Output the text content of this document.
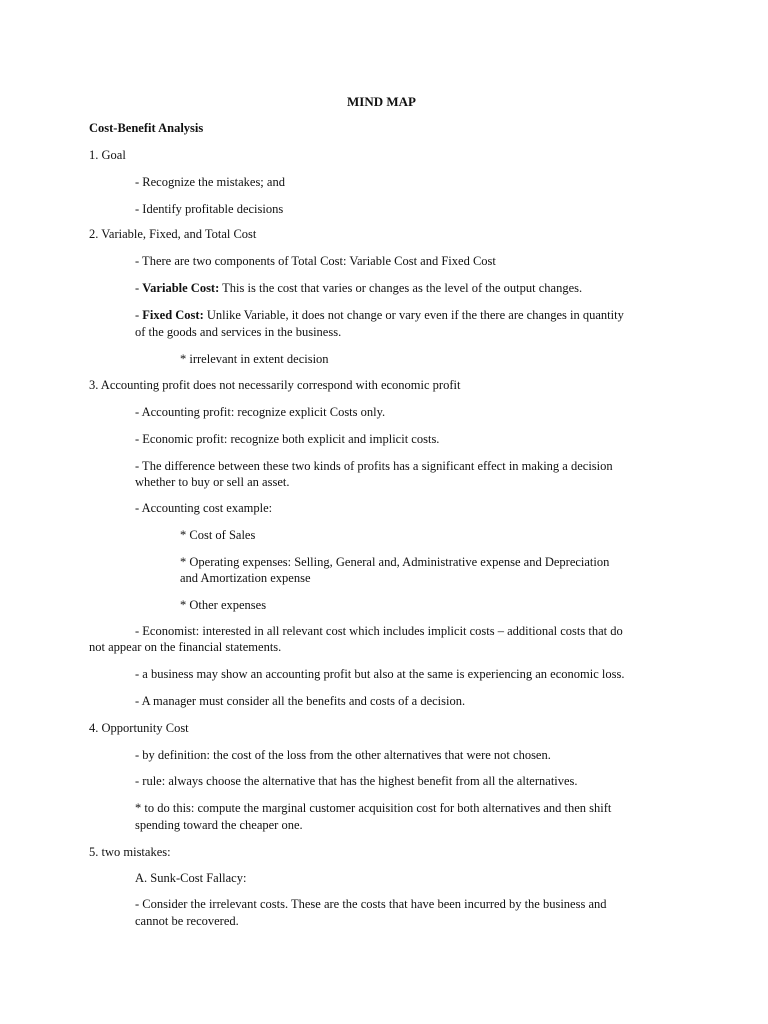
MIND MAP
Cost-Benefit Analysis
1. Goal
- Recognize the mistakes; and
- Identify profitable decisions
2. Variable, Fixed, and Total Cost
- There are two components of Total Cost: Variable Cost and Fixed Cost
- Variable Cost: This is the cost that varies or changes as the level of the output changes.
- Fixed Cost: Unlike Variable, it does not change or vary even if the there are changes in quantity
of the goods and services in the business.
* irrelevant in extent decision
3. Accounting profit does not necessarily correspond with economic profit
- Accounting profit: recognize explicit Costs only.
- Economic profit: recognize both explicit and implicit costs.
- The difference between these two kinds of profits has a significant effect in making a decision
whether to buy or sell an asset.
- Accounting cost example:
* Cost of Sales
* Operating expenses: Selling, General and, Administrative expense and Depreciation
and Amortization expense
* Other expenses
- Economist: interested in all relevant cost which includes implicit costs – additional costs that do
not appear on the financial statements.
- a business may show an accounting profit but also at the same is experiencing an economic loss.
- A manager must consider all the benefits and costs of a decision.
4. Opportunity Cost
- by definition: the cost of the loss from the other alternatives that were not chosen.
- rule: always choose the alternative that has the highest benefit from all the alternatives.
* to do this: compute the marginal customer acquisition cost for both alternatives and then shift
spending toward the cheaper one.
5. two mistakes:
A. Sunk-Cost Fallacy:
- Consider the irrelevant costs. These are the costs that have been incurred by the business and
cannot be recovered.
